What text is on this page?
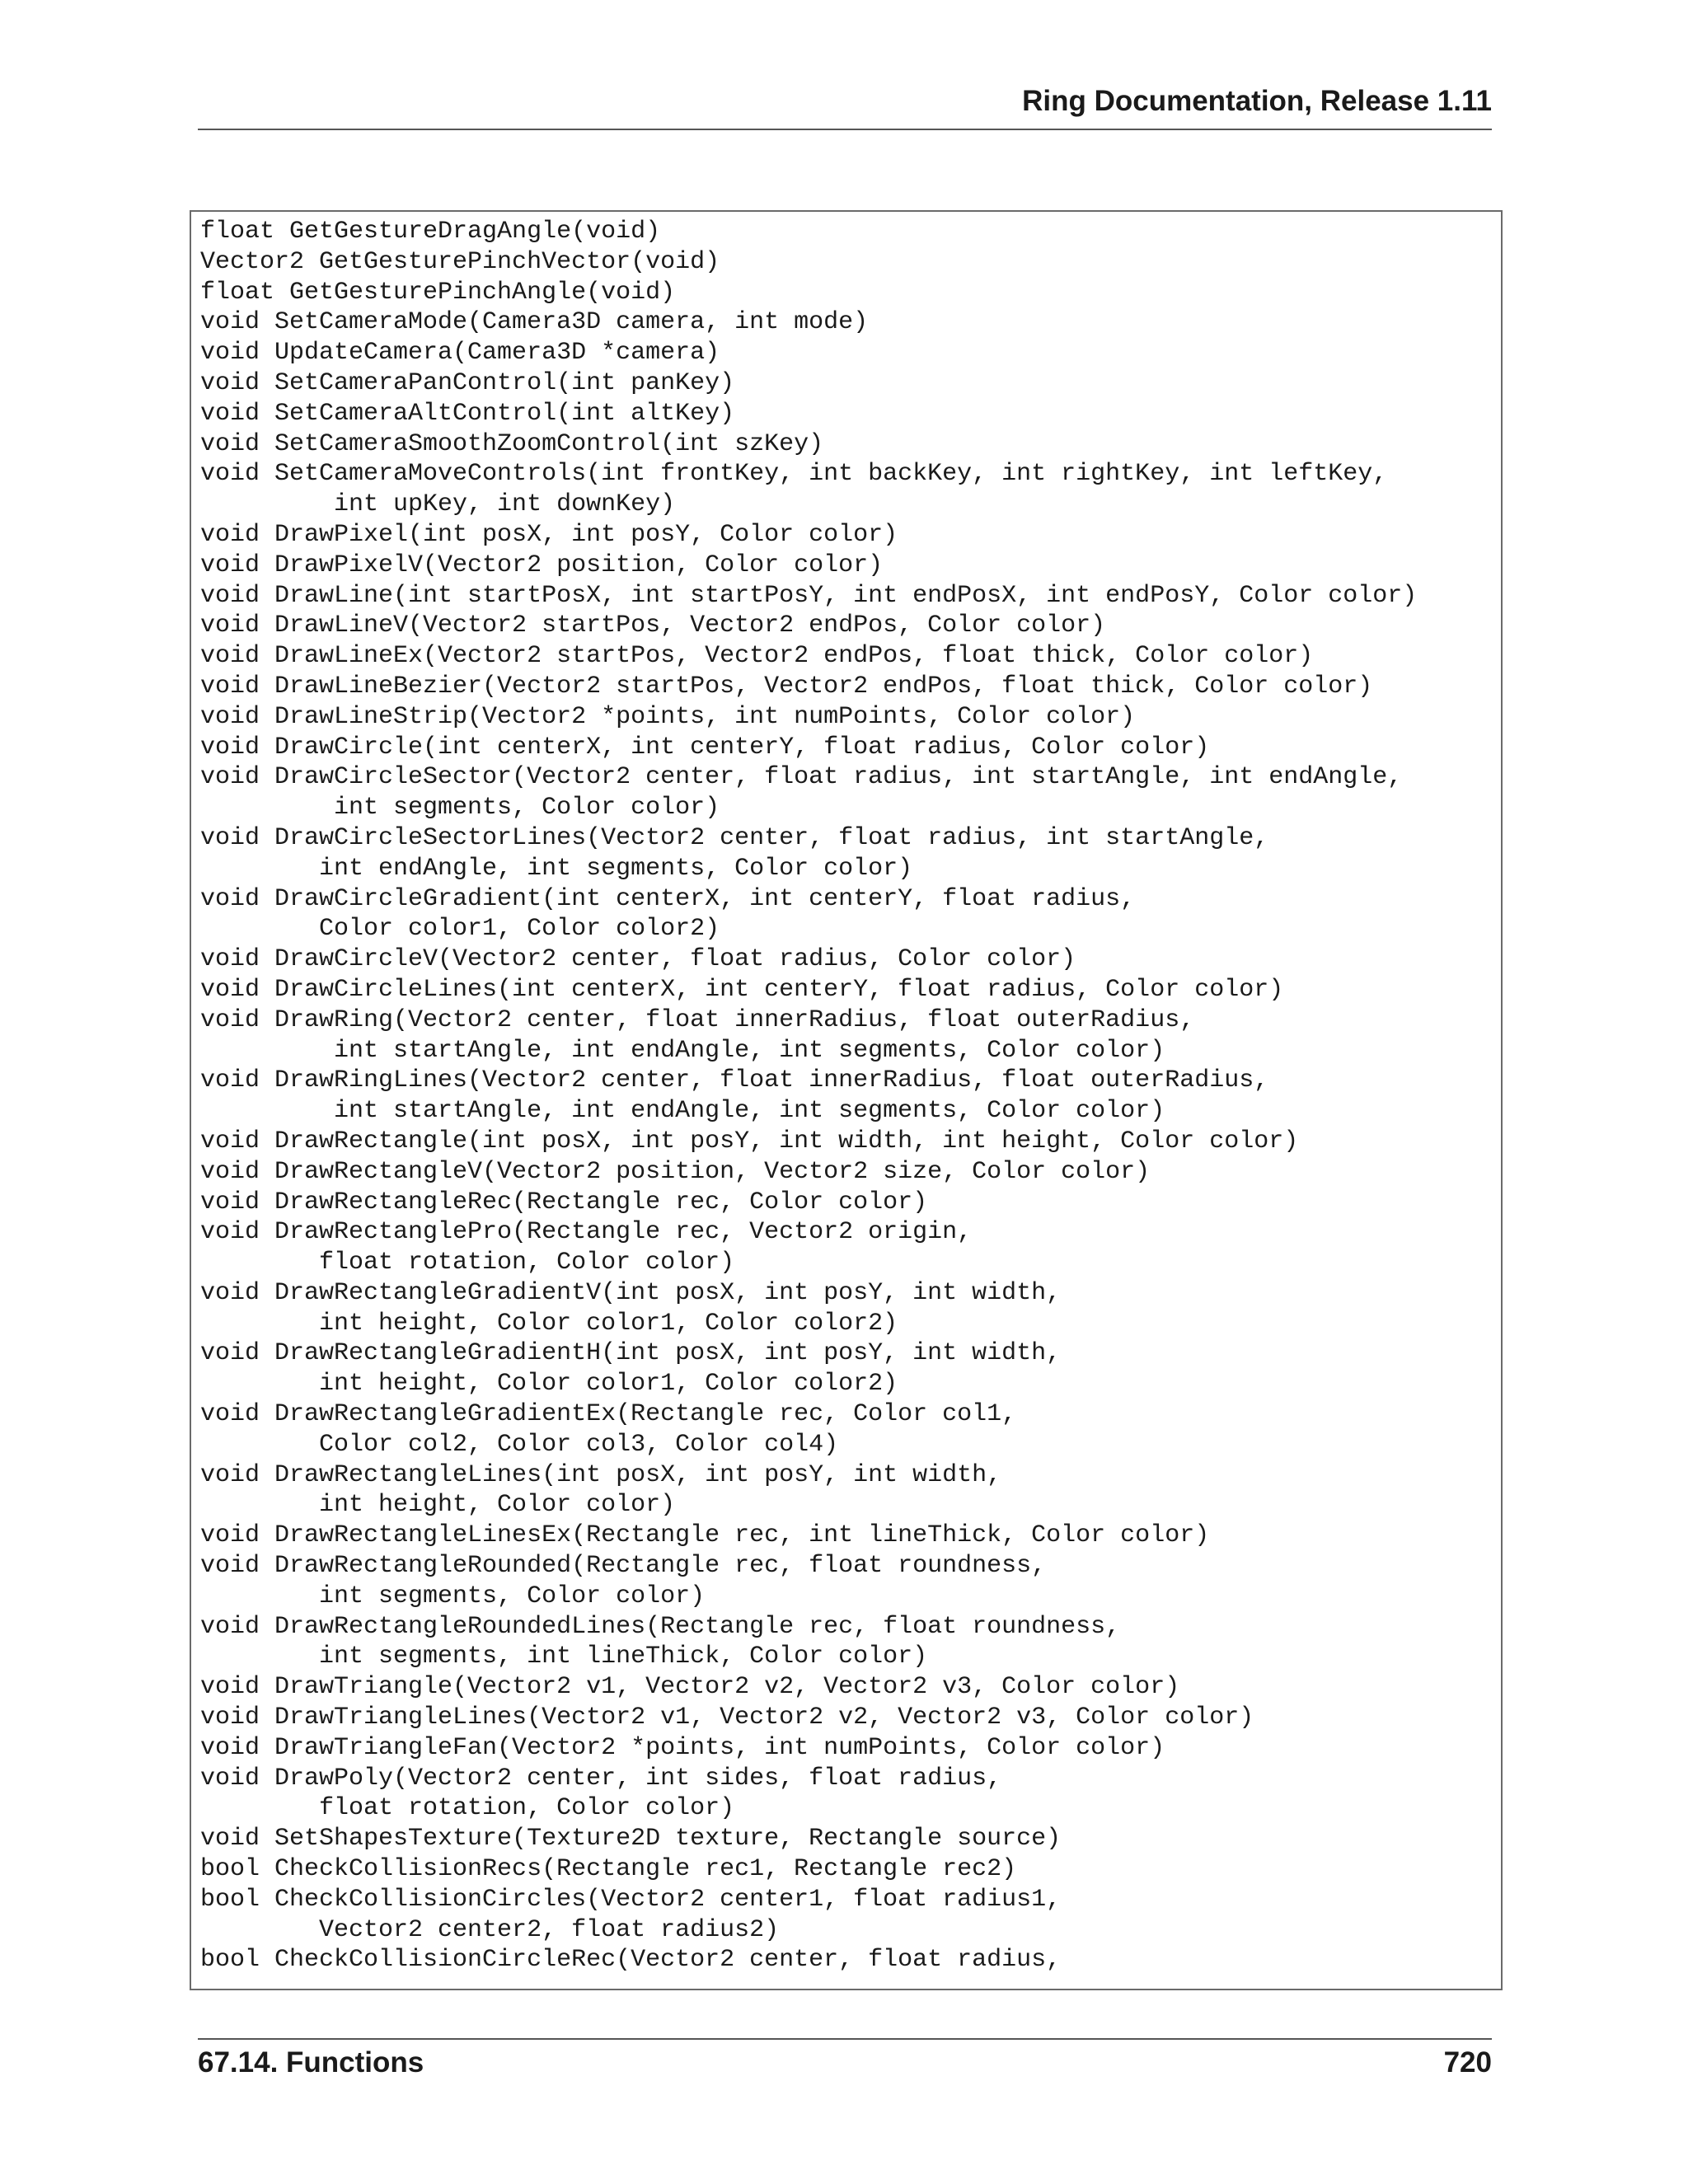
Ring Documentation, Release 1.11
float GetGestureDragAngle(void)
Vector2 GetGesturePinchVector(void)
float GetGesturePinchAngle(void)
void SetCameraMode(Camera3D camera, int mode)
void UpdateCamera(Camera3D *camera)
void SetCameraPanControl(int panKey)
void SetCameraAltControl(int altKey)
void SetCameraSmoothZoomControl(int szKey)
void SetCameraMoveControls(int frontKey, int backKey, int rightKey, int leftKey,
int upKey, int downKey)
void DrawPixel(int posX, int posY, Color color)
void DrawPixelV(Vector2 position, Color color)
void DrawLine(int startPosX, int startPosY, int endPosX, int endPosY, Color color)
void DrawLineV(Vector2 startPos, Vector2 endPos, Color color)
void DrawLineEx(Vector2 startPos, Vector2 endPos, float thick, Color color)
void DrawLineBezier(Vector2 startPos, Vector2 endPos, float thick, Color color)
void DrawLineStrip(Vector2 *points, int numPoints, Color color)
void DrawCircle(int centerX, int centerY, float radius, Color color)
void DrawCircleSector(Vector2 center, float radius, int startAngle, int endAngle,
int segments, Color color)
void DrawCircleSectorLines(Vector2 center, float radius, int startAngle,
int endAngle, int segments, Color color)
void DrawCircleGradient(int centerX, int centerY, float radius,
Color color1, Color color2)
void DrawCircleV(Vector2 center, float radius, Color color)
void DrawCircleLines(int centerX, int centerY, float radius, Color color)
void DrawRing(Vector2 center, float innerRadius, float outerRadius,
int startAngle, int endAngle, int segments, Color color)
void DrawRingLines(Vector2 center, float innerRadius, float outerRadius,
int startAngle, int endAngle, int segments, Color color)
void DrawRectangle(int posX, int posY, int width, int height, Color color)
void DrawRectangleV(Vector2 position, Vector2 size, Color color)
void DrawRectangleRec(Rectangle rec, Color color)
void DrawRectanglePro(Rectangle rec, Vector2 origin,
float rotation, Color color)
void DrawRectangleGradientV(int posX, int posY, int width,
int height, Color color1, Color color2)
void DrawRectangleGradientH(int posX, int posY, int width,
int height, Color color1, Color color2)
void DrawRectangleGradientEx(Rectangle rec, Color col1,
Color col2, Color col3, Color col4)
void DrawRectangleLines(int posX, int posY, int width,
int height, Color color)
void DrawRectangleLinesEx(Rectangle rec, int lineThick, Color color)
void DrawRectangleRounded(Rectangle rec, float roundness,
int segments, Color color)
void DrawRectangleRoundedLines(Rectangle rec, float roundness,
int segments, int lineThick, Color color)
void DrawTriangle(Vector2 v1, Vector2 v2, Vector2 v3, Color color)
void DrawTriangleLines(Vector2 v1, Vector2 v2, Vector2 v3, Color color)
void DrawTriangleFan(Vector2 *points, int numPoints, Color color)
void DrawPoly(Vector2 center, int sides, float radius,
float rotation, Color color)
void SetShapesTexture(Texture2D texture, Rectangle source)
bool CheckCollisionRecs(Rectangle rec1, Rectangle rec2)
bool CheckCollisionCircles(Vector2 center1, float radius1,
Vector2 center2, float radius2)
bool CheckCollisionCircleRec(Vector2 center, float radius,
67.14. Functions	720
